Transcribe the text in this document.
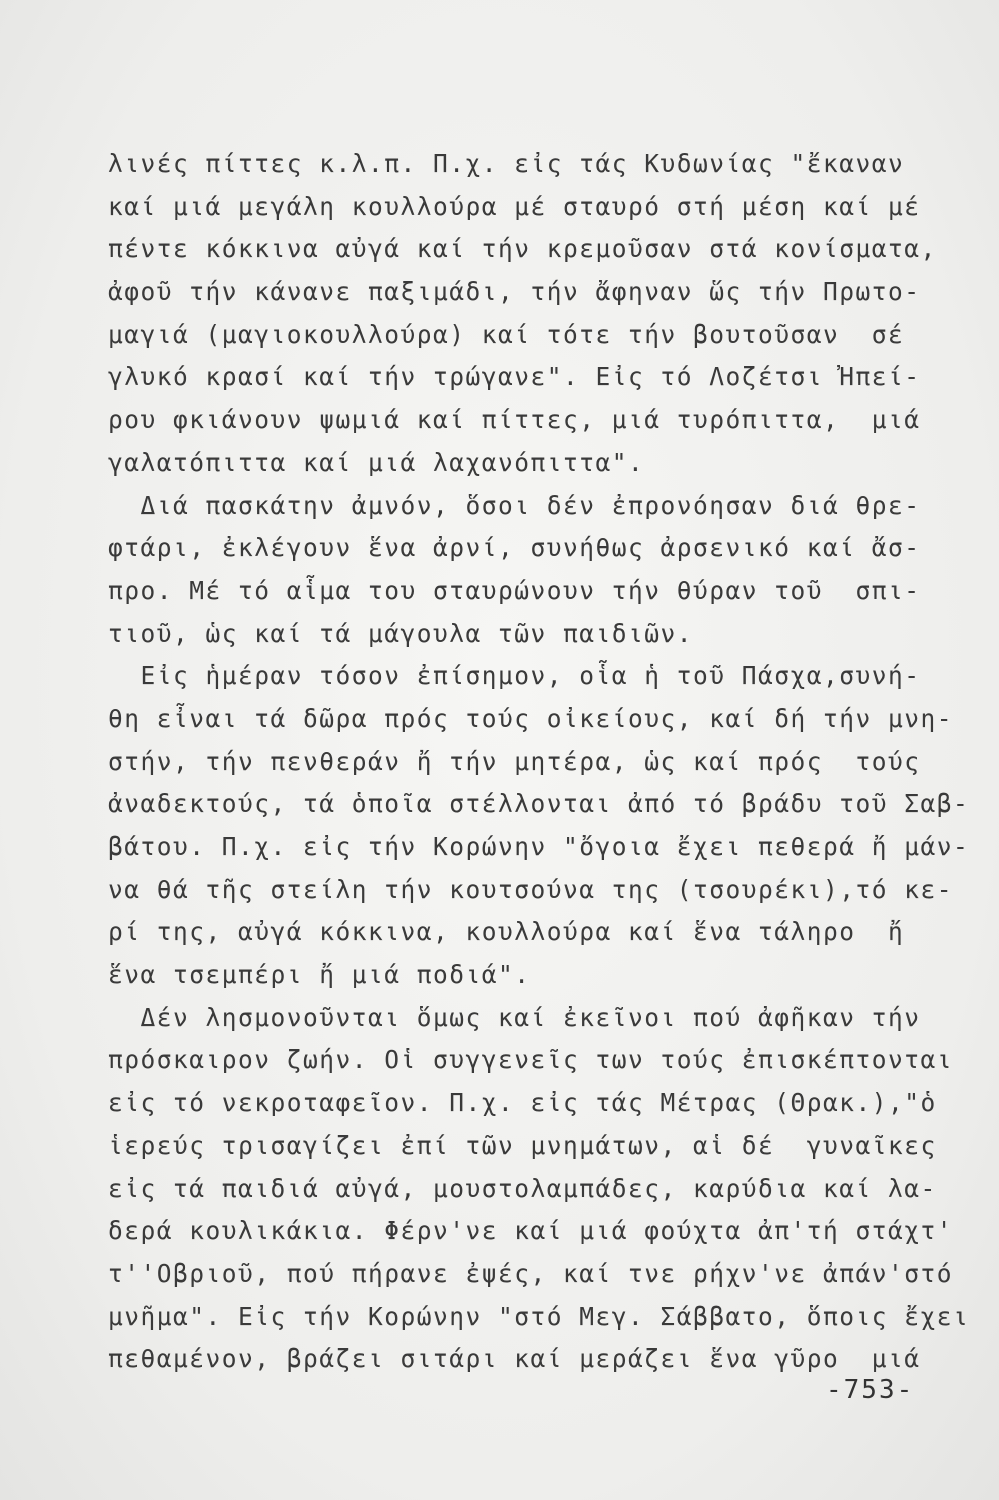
λινές πίττες κ.λ.π. Π.χ. εἰς τάς Κυδωνίας "ἔκαναν
καί μιά μεγάλη κουλλούρα μέ σταυρό στή μέση καί μέ
πέντε κόκκινα αὐγά καί τήν κρεμοῦσαν στά κονίσματα,
ἀφοῦ τήν κάνανε παξιμάδι, τήν ἄφηναν ὥς τήν Πρωτο-
μαγιά (μαγιοκουλλούρα) καί τότε τήν βουτοῦσαν  σέ
γλυκό κρασί καί τήν τρώγανε". Εἰς τό Λοζέτσι Ἠπεί-
ρου φκιάνουν ψωμιά καί πίττες, μιά τυρόπιττα,  μιά
γαλατόπιττα καί μιά λαχανόπιττα".
Διά πασκάτην ἀμνόν, ὅσοι δέν ἐπρονόησαν διά θρε-
φτάρι, ἐκλέγουν ἕνα ἀρνί, συνήθως ἀρσενικό καί ἄσ-
προ. Μέ τό αἷμα του σταυρώνουν τήν θύραν τοῦ  σπι-
τιοῦ, ὡς καί τά μάγουλα τῶν παιδιῶν.
Εἰς ἡμέραν τόσον ἐπίσημον, οἷα ἡ τοῦ Πάσχα,συνή-
θη εἶναι τά δῶρα πρός τούς οἰκείους, καί δή τήν μνη-
στήν, τήν πενθεράν ἤ τήν μητέρα, ὡς καί πρός  τούς
ἀναδεκτούς, τά ὁποῖα στέλλονται ἀπό τό βράδυ τοῦ Σαβ-
βάτου. Π.χ. εἰς τήν Κορώνην "ὄγοια ἔχει πεθερά ἤ μάν-
να θά τῆς στείλη τήν κουτσούνα της (τσουρέκι),τό κε-
ρί της, αὐγά κόκκινα, κουλλούρα καί ἕνα τάληρο  ἤ
ἕνα τσεμπέρι ἤ μιά ποδιά".
Δέν λησμονοῦνται ὅμως καί ἐκεῖνοι πού ἀφῆκαν τήν
πρόσκαιρον ζωήν. Οἱ συγγενεῖς των τούς ἐπισκέπτονται
εἰς τό νεκροταφεῖον. Π.χ. εἰς τάς Μέτρας (Θρακ.),"ὁ
ἱερεύς τρισαγίζει ἐπί τῶν μνημάτων, αἱ δέ  γυναῖκες
εἰς τά παιδιά αὐγά, μουστολαμπάδες, καρύδια καί λα-
δερά κουλικάκια. Φέρν'νε καί μιά φούχτα ἀπ'τή στάχτ'
τ''Οβριοῦ, πού πήρανε ἐψές, καί τνε ρήχν'νε ἀπάν'στό
μνῆμα". Εἰς τήν Κορώνην "στό Μεγ. Σάββατο, ὅποις ἔχει
πεθαμένον, βράζει σιτάρι καί μεράζει ἕνα γῦρο  μιά
-753-
